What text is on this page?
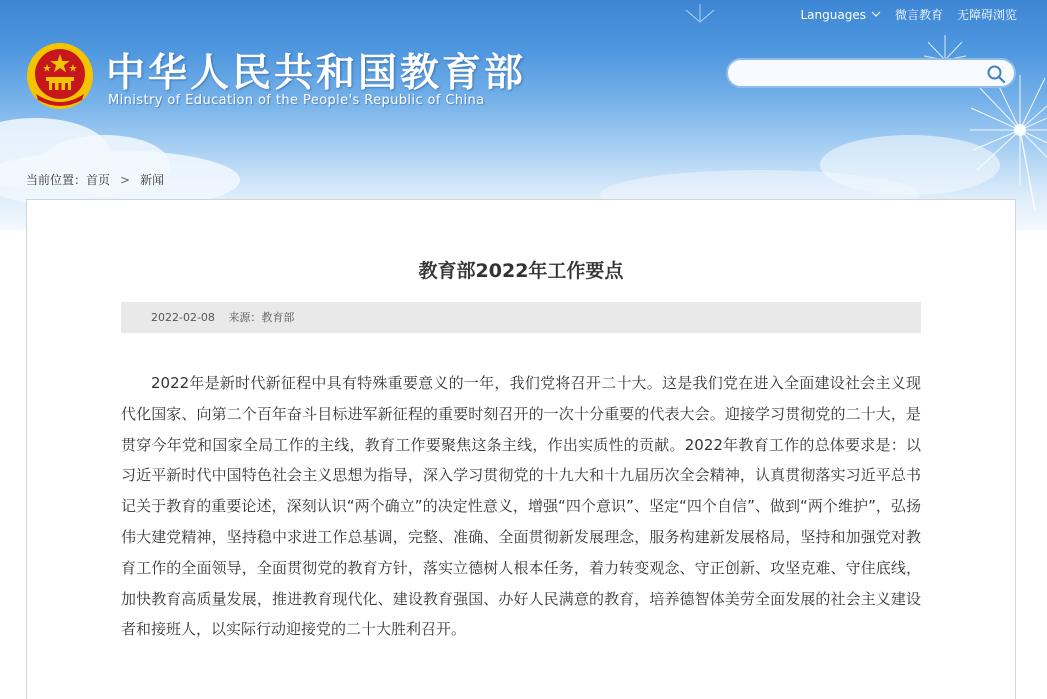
中华人民共和国教育部
Ministry of Education of the People's Republic of China
Languages 微言教育 无障碍浏览
当前位置： 首页 > 新闻
教育部2022年工作要点
2022-02-08 来源：教育部
2022年是新时代新征程中具有特殊重要意义的一年，我们党将召开二十大。这是我们党在进入全面建设社会主义现代化国家、向第二个百年奋斗目标进军新征程的重要时刻召开的一次十分重要的代表大会。迎接学习贯彻党的二十大，是贯穿今年党和国家全局工作的主线，教育工作要聚焦这条主线，作出实质性的贡献。2022年教育工作的总体要求是：以习近平新时代中国特色社会主义思想为指导，深入学习贯彻党的十九大和十九届历次全会精神，认真贯彻落实习近平总书记关于教育的重要论述，深刻认识“两个确立”的决定性意义，增强“四个意识”、坚定“四个自信”、做到“两个维护”，弘扬伟大建党精神，坚持稳中求进工作总基调，完整、准确、全面贯彻新发展理念，服务构建新发展格局，坚持和加强党对教育工作的全面领导，全面贯彻党的教育方针，落实立德树人根本任务，着力转变观念、守正创新、攻坚克难、守住底线，加快教育高质量发展，推进教育现代化、建设教育强国、办好人民满意的教育，培养德智体美劳全面发展的社会主义建设者和接班人，以实际行动迎接党的二十大胜利召开。
